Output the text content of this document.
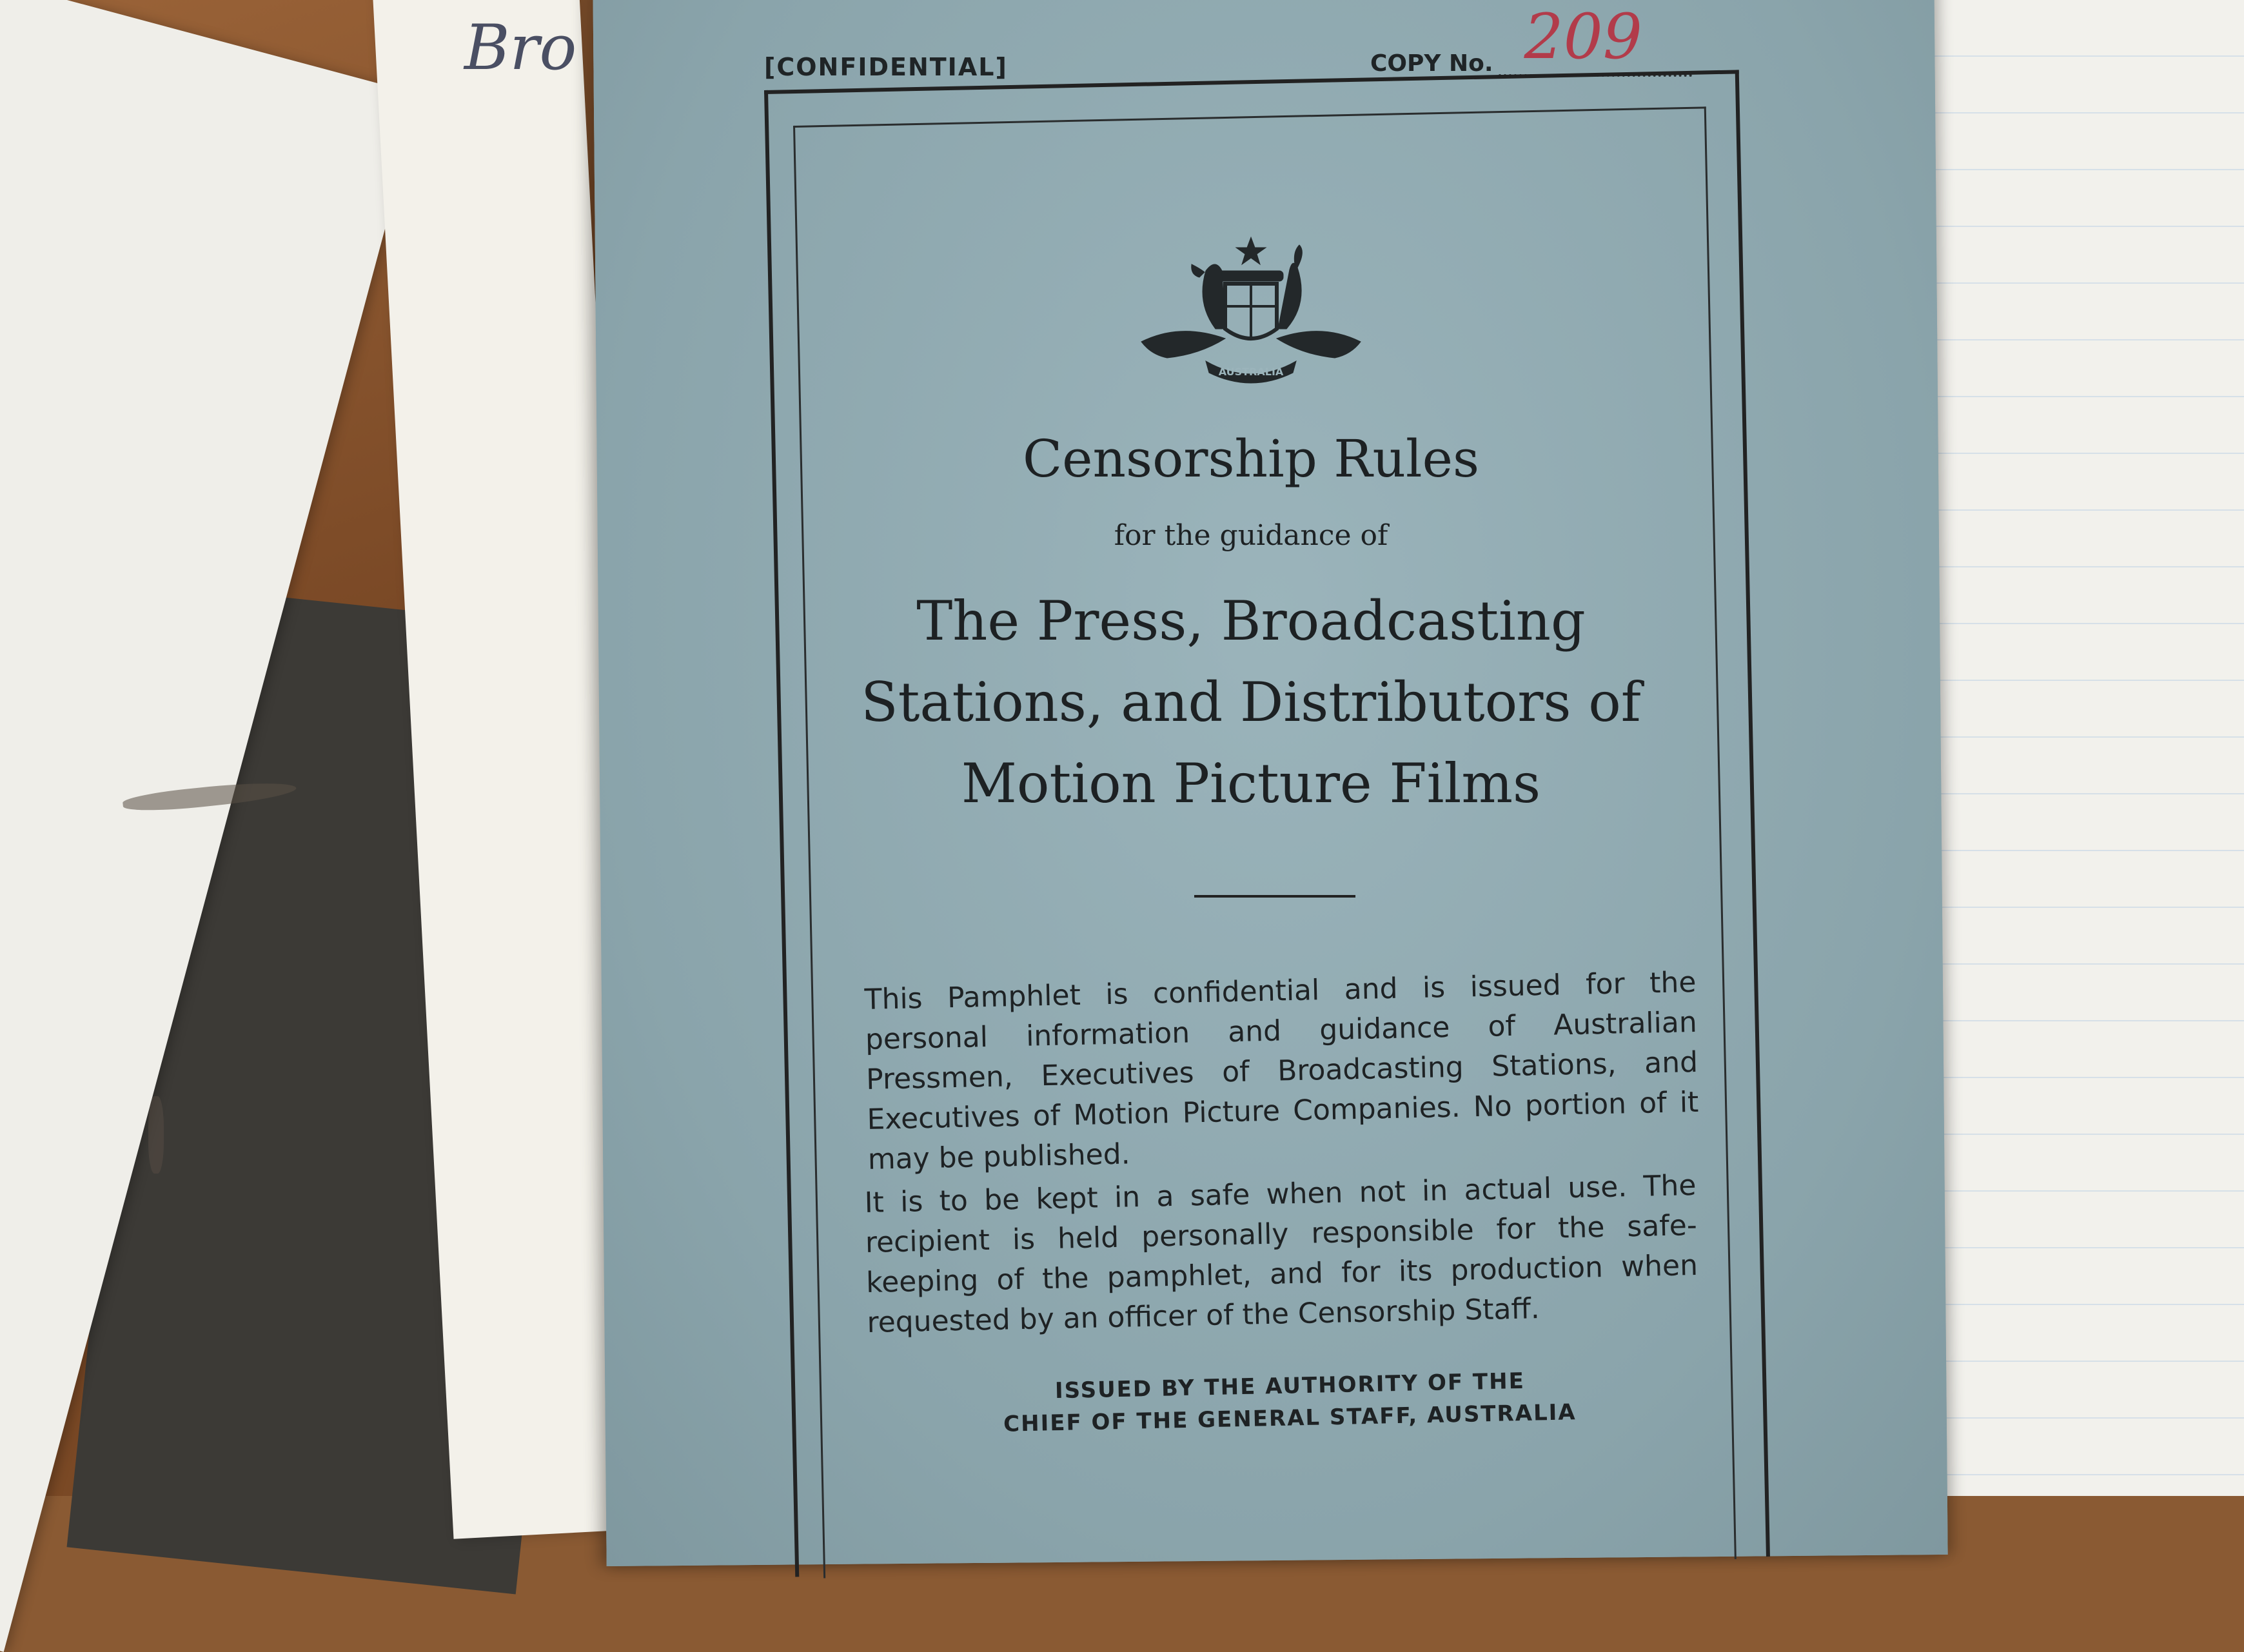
Bro	[CONFIDENTIAL]	COPY No. 209
AUSTRALIA
Censorship Rules
for the guidance of
The Press, Broadcasting Stations, and Distributors of Motion Picture Films
This Pamphlet is confidential and is issued for the personal information and guidance of Australian Pressmen, Executives of Broadcasting Stations, and Executives of Motion Picture Companies. No portion of it may be published.
It is to be kept in a safe when not in actual use. The recipient is held personally responsible for the safe-keeping of the pamphlet, and for its production when requested by an officer of the Censorship Staff.
ISSUED BY THE AUTHORITY OF THE
CHIEF OF THE GENERAL STAFF, AUSTRALIA
